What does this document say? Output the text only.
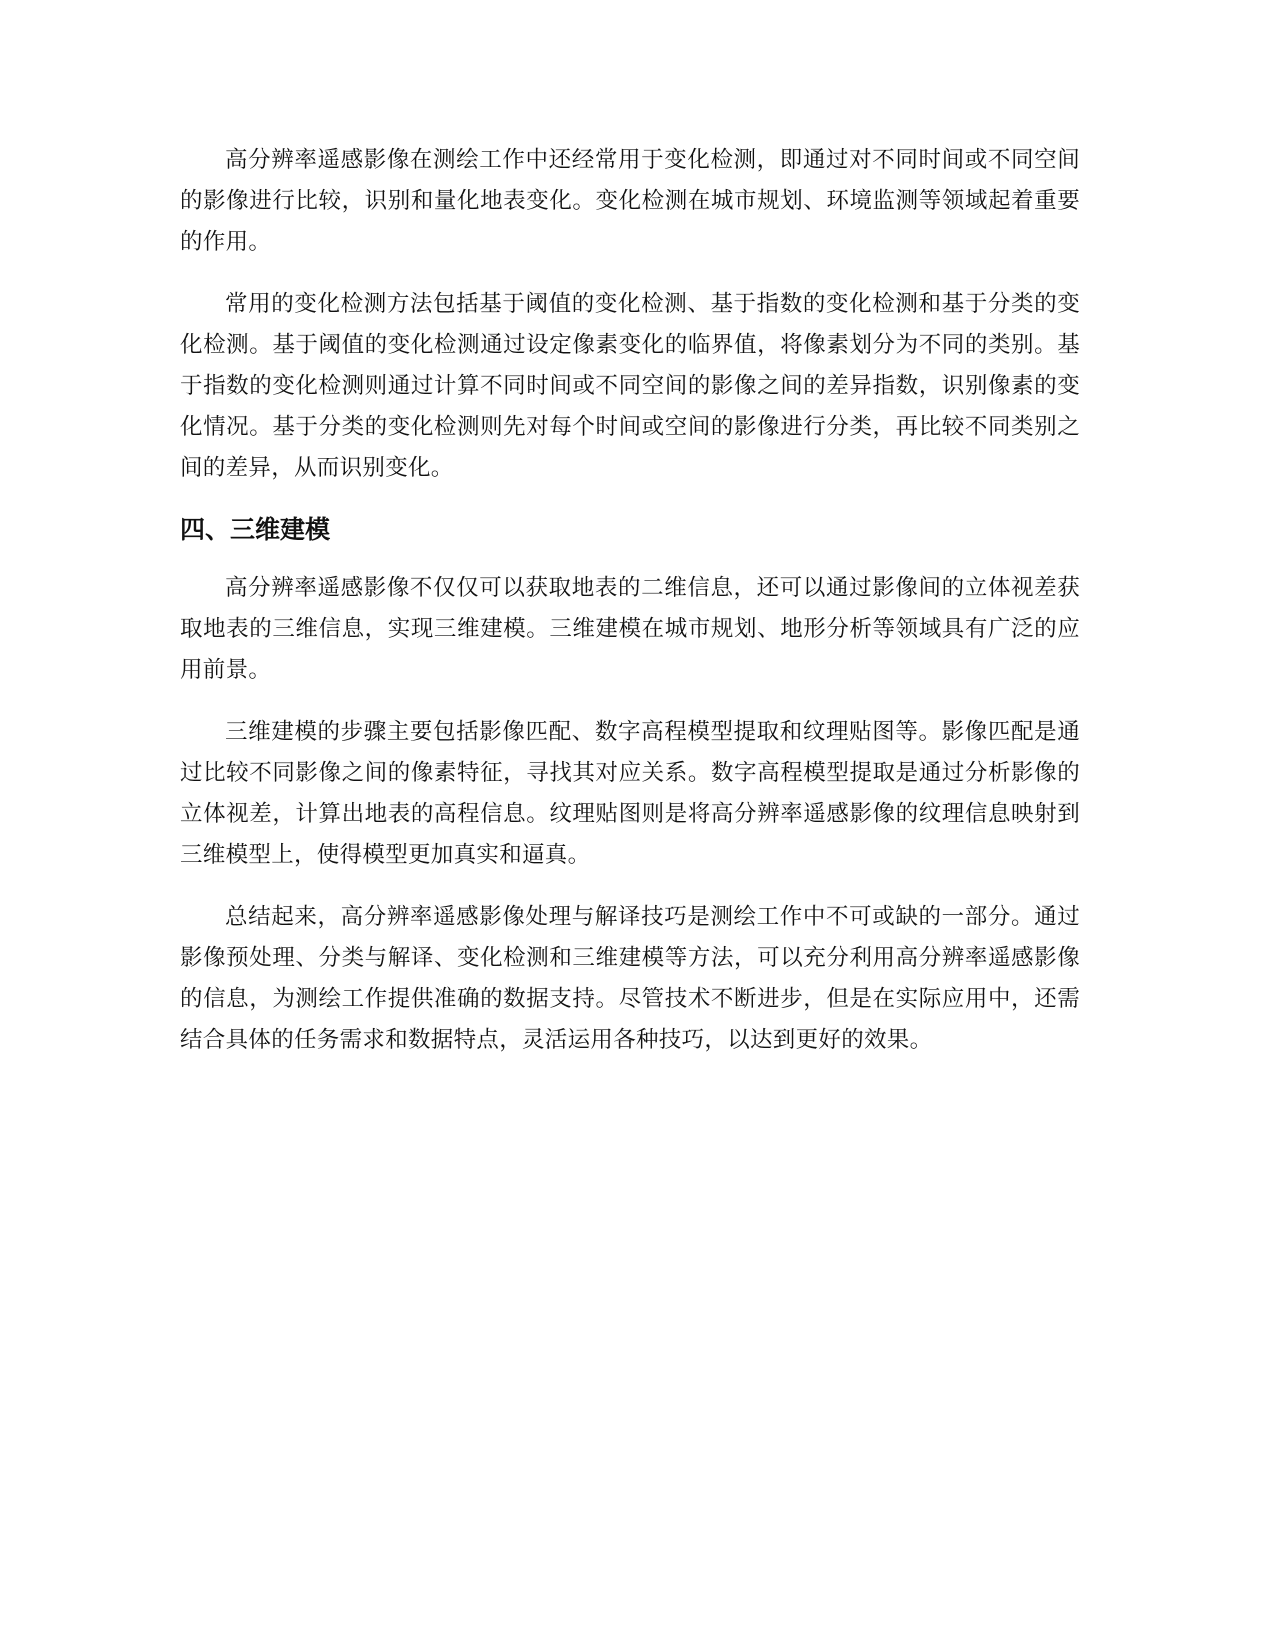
高分辨率遥感影像在测绘工作中还经常用于变化检测，即通过对不同时间或不同空间的影像进行比较，识别和量化地表变化。变化检测在城市规划、环境监测等领域起着重要的作用。

常用的变化检测方法包括基于阈值的变化检测、基于指数的变化检测和基于分类的变化检测。基于阈值的变化检测通过设定像素变化的临界值，将像素划分为不同的类别。基于指数的变化检测则通过计算不同时间或不同空间的影像之间的差异指数，识别像素的变化情况。基于分类的变化检测则先对每个时间或空间的影像进行分类，再比较不同类别之间的差异，从而识别变化。

四、三维建模

高分辨率遥感影像不仅仅可以获取地表的二维信息，还可以通过影像间的立体视差获取地表的三维信息，实现三维建模。三维建模在城市规划、地形分析等领域具有广泛的应用前景。

三维建模的步骤主要包括影像匹配、数字高程模型提取和纹理贴图等。影像匹配是通过比较不同影像之间的像素特征，寻找其对应关系。数字高程模型提取是通过分析影像的立体视差，计算出地表的高程信息。纹理贴图则是将高分辨率遥感影像的纹理信息映射到三维模型上，使得模型更加真实和逼真。

总结起来，高分辨率遥感影像处理与解译技巧是测绘工作中不可或缺的一部分。通过影像预处理、分类与解译、变化检测和三维建模等方法，可以充分利用高分辨率遥感影像的信息，为测绘工作提供准确的数据支持。尽管技术不断进步，但是在实际应用中，还需结合具体的任务需求和数据特点，灵活运用各种技巧，以达到更好的效果。
